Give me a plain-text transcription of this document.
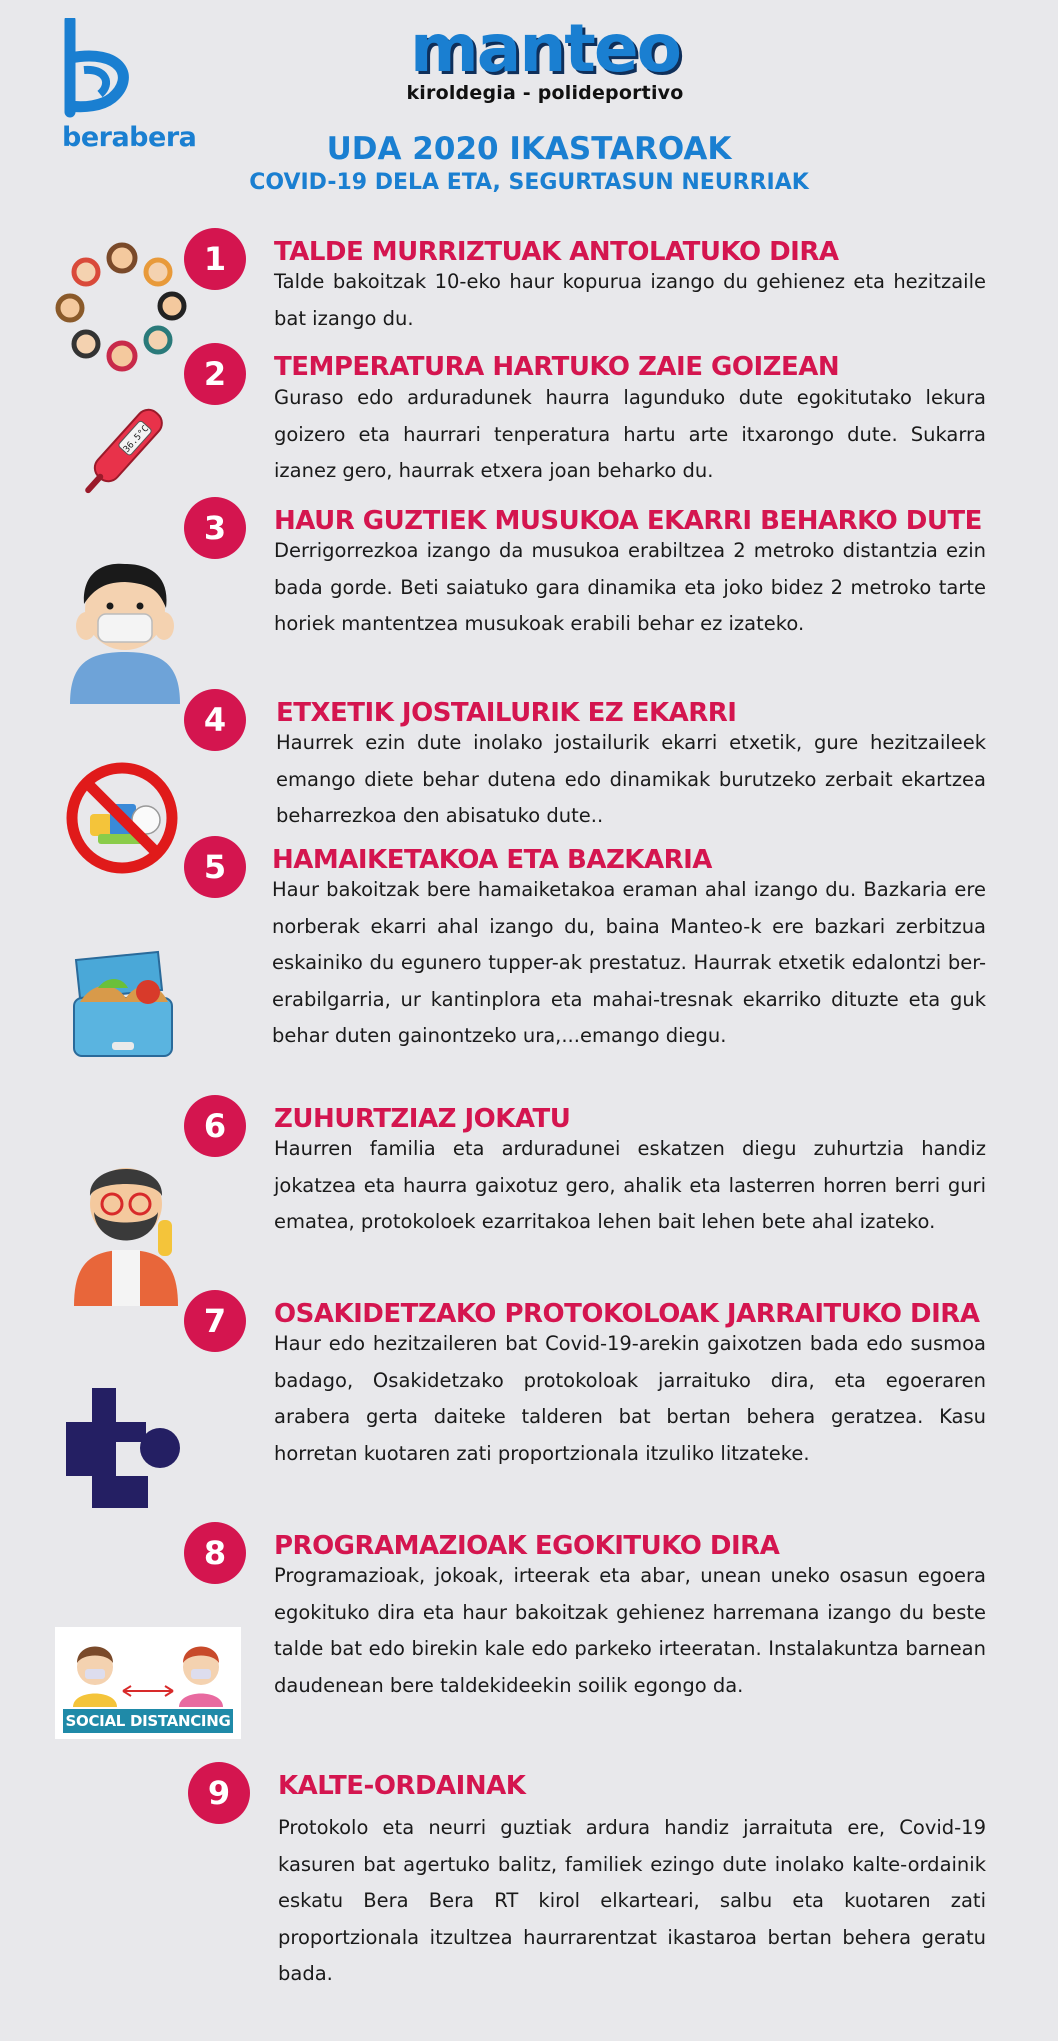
berabera
manteo
kiroldegia - polideportivo
UDA 2020 IKASTAROAK
COVID-19 DELA ETA, SEGURTASUN NEURRIAK
1	TALDE MURRIZTUAK ANTOLATUKO DIRA
Talde bakoitzak 10-eko haur kopurua izango du gehienez eta hezitzaile bat izango du.
2	TEMPERATURA HARTUKO ZAIE GOIZEAN
Guraso edo arduradunek haurra lagunduko dute egokitutako lekura goizero eta haurrari tenperatura hartu arte itxarongo dute. Sukarra izanez gero, haurrak etxera joan beharko du.
36.5°C
3	HAUR GUZTIEK MUSUKOA EKARRI BEHARKO DUTE
Derrigorrezkoa izango da musukoa erabiltzea 2 metroko distantzia ezin bada gorde. Beti saiatuko gara dinamika eta joko bidez 2 metroko tarte horiek mantentzea musukoak erabili behar ez izateko.
4	ETXETIK JOSTAILURIK EZ EKARRI
Haurrek ezin dute inolako jostailurik ekarri etxetik, gure hezitzaileek emango diete behar dutena edo dinamikak burutzeko zerbait ekartzea beharrezkoa den abisatuko dute..
5	HAMAIKETAKOA ETA BAZKARIA
Haur bakoitzak bere hamaiketakoa eraman ahal izango du. Bazkaria ere norberak ekarri ahal izango du, baina Manteo-k ere bazkari zerbitzua eskainiko du egunero tupper-ak prestatuz. Haurrak etxetik edalontzi ber-erabilgarria, ur kantinplora eta mahai-tresnak ekarriko dituzte eta guk behar duten gainontzeko ura,...emango diegu.
6	ZUHURTZIAZ JOKATU
Haurren familia eta arduradunei eskatzen diegu zuhurtzia handiz jokatzea eta haurra gaixotuz gero, ahalik eta lasterren horren berri guri ematea, protokoloek ezarritakoa lehen bait lehen bete ahal izateko.
7	OSAKIDETZAKO PROTOKOLOAK JARRAITUKO DIRA
Haur edo hezitzaileren bat Covid-19-arekin gaixotzen bada edo susmoa badago, Osakidetzako protokoloak jarraituko dira, eta egoeraren arabera gerta daiteke talderen bat bertan behera geratzea. Kasu horretan kuotaren zati proportzionala itzuliko litzateke.
8	PROGRAMAZIOAK EGOKITUKO DIRA
Programazioak, jokoak, irteerak eta abar, unean uneko osasun egoera egokituko dira eta haur bakoitzak gehienez harremana izango du beste talde bat edo birekin kale edo parkeko irteeratan. Instalakuntza barnean daudenean bere taldekideekin soilik egongo da.
SOCIAL DISTANCING
9	KALTE-ORDAINAK
Protokolo eta neurri guztiak ardura handiz jarraituta ere, Covid-19 kasuren bat agertuko balitz, familiek ezingo dute inolako kalte-ordainik eskatu Bera Bera RT kirol elkarteari, salbu eta kuotaren zati proportzionala itzultzea haurrarentzat ikastaroa bertan behera geratu bada.
